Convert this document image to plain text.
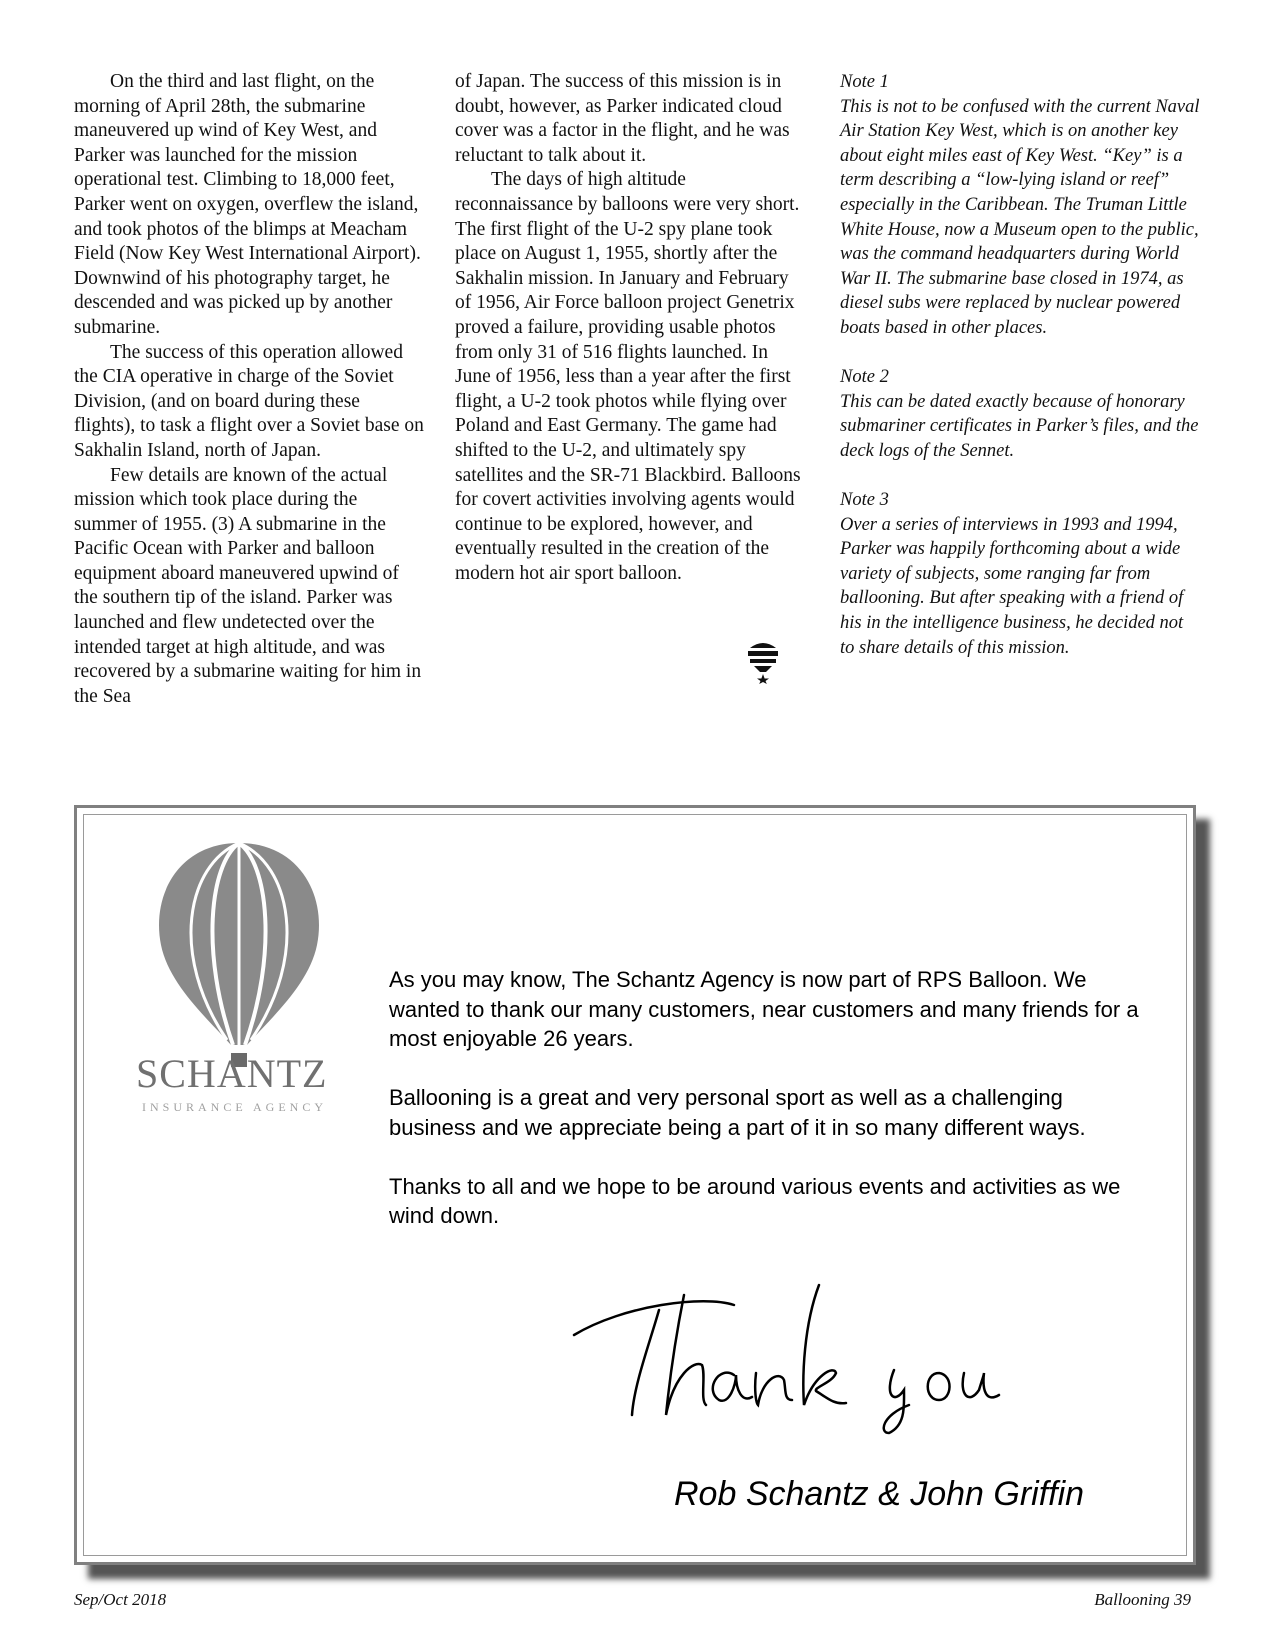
On the third and last flight, on the morning of April 28th, the submarine maneuvered up wind of Key West, and Parker was launched for the mission operational test. Climbing to 18,000 feet, Parker went on oxygen, overflew the island, and took photos of the blimps at Meacham Field (Now Key West International Airport). Downwind of his photography target, he descended and was picked up by another submarine.

The success of this operation allowed the CIA operative in charge of the Soviet Division, (and on board during these flights), to task a flight over a Soviet base on Sakhalin Island, north of Japan.

Few details are known of the actual mission which took place during the summer of 1955. (3) A submarine in the Pacific Ocean with Parker and balloon equipment aboard maneuvered upwind of the southern tip of the island. Parker was launched and flew undetected over the intended target at high altitude, and was recovered by a submarine waiting for him in the Sea

of Japan. The success of this mission is in doubt, however, as Parker indicated cloud cover was a factor in the flight, and he was reluctant to talk about it.

The days of high altitude reconnaissance by balloons were very short. The first flight of the U-2 spy plane took place on August 1, 1955, shortly after the Sakhalin mission. In January and February of 1956, Air Force balloon project Genetrix proved a failure, providing usable photos from only 31 of 516 flights launched. In June of 1956, less than a year after the first flight, a U-2 took photos while flying over Poland and East Germany. The game had shifted to the U-2, and ultimately spy satellites and the SR-71 Blackbird. Balloons for covert activities involving agents would continue to be explored, however, and eventually resulted in the creation of the modern hot air sport balloon.

Note 1
This is not to be confused with the current Naval Air Station Key West, which is on another key about eight miles east of Key West. “Key” is a term describing a “low-lying island or reef” especially in the Caribbean. The Truman Little White House, now a Museum open to the public, was the command headquarters during World War II. The submarine base closed in 1974, as diesel subs were replaced by nuclear powered boats based in other places.
Note 2
This can be dated exactly because of honorary submariner certificates in Parker’s files, and the deck logs of the Sennet.
Note 3
Over a series of interviews in 1993 and 1994, Parker was happily forthcoming about a wide variety of subjects, some ranging far from ballooning. But after speaking with a friend of his in the intelligence business, he decided not to share details of this mission.
SCHANTZ
INSURANCE AGENCY

As you may know, The Schantz Agency is now part of RPS Balloon. We wanted to thank our many customers, near customers and many friends for a most enjoyable 26 years.

Ballooning is a great and very personal sport as well as a challenging business and we appreciate being a part of it in so many different ways.

Thanks to all and we hope to be around various events and activities as we wind down.

Rob Schantz & John Griffin
Sep/Oct 2018	Ballooning 39
